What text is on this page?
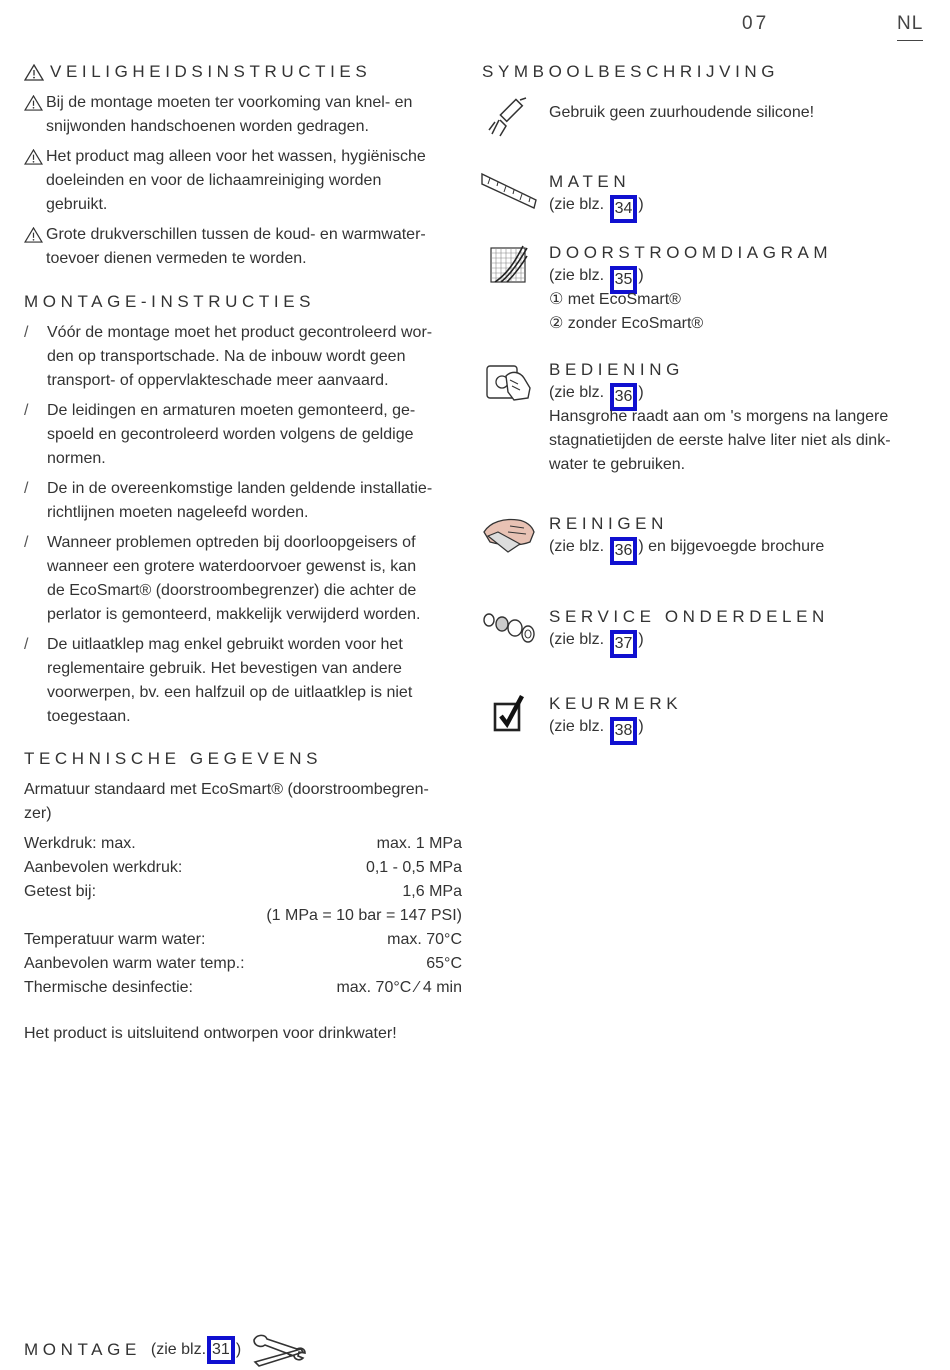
07	NL
VEILIGHEIDSINSTRUCTIES
Bij de montage moeten ter voorkoming van knel- en
snijwonden handschoenen worden gedragen.
Het product mag alleen voor het wassen, hygiënische
doeleinden en voor de lichaamreiniging worden
gebruikt.
Grote drukverschillen tussen de koud- en warmwater-
toevoer dienen vermeden te worden.
MONTAGE-INSTRUCTIES
/	Vóór de montage moet het product gecontroleerd wor-
den op transportschade. Na de inbouw wordt geen
transport- of oppervlakteschade meer aanvaard.
/	De leidingen en armaturen moeten gemonteerd, ge-
spoeld en gecontroleerd worden volgens de geldige
normen.
/	De in de overeenkomstige landen geldende installatie-
richtlijnen moeten nageleefd worden.
/	Wanneer problemen optreden bij doorloopgeisers of
wanneer een grotere waterdoorvoer gewenst is, kan
de EcoSmart® (doorstroombegrenzer) die achter de
perlator is gemonteerd, makkelijk verwijderd worden.
/	De uitlaatklep mag enkel gebruikt worden voor het
reglementaire gebruik. Het bevestigen van andere
voorwerpen, bv. een halfzuil op de uitlaatklep is niet
toegestaan.
TECHNISCHE GEGEVENS
Armatuur standaard met EcoSmart® (doorstroombegren-
zer)
Werkdruk: max.	max. 1 MPa
Aanbevolen werkdruk:	0,1 - 0,5 MPa
Getest bij:	1,6 MPa
(1 MPa = 10 bar = 147 PSI)
Temperatuur warm water:	max. 70°C
Aanbevolen warm water temp.:	65°C
Thermische desinfectie:	max. 70°C ⁄ 4 min
Het product is uitsluitend ontworpen voor drinkwater!
MONTAGE (zie blz. 31 )
SYMBOOLBESCHRIJVING
Gebruik geen zuurhoudende silicone!
MATEN
(zie blz. 34 )
DOORSTROOMDIAGRAM
(zie blz. 35 )
① met EcoSmart®
② zonder EcoSmart®
BEDIENING
(zie blz. 36 )
Hansgrohe raadt aan om 's morgens na langere
stagnatietijden de eerste halve liter niet als dink-
water te gebruiken.
REINIGEN
(zie blz. 36 ) en bijgevoegde brochure
SERVICE ONDERDELEN
(zie blz. 37 )
KEURMERK
(zie blz. 38 )
